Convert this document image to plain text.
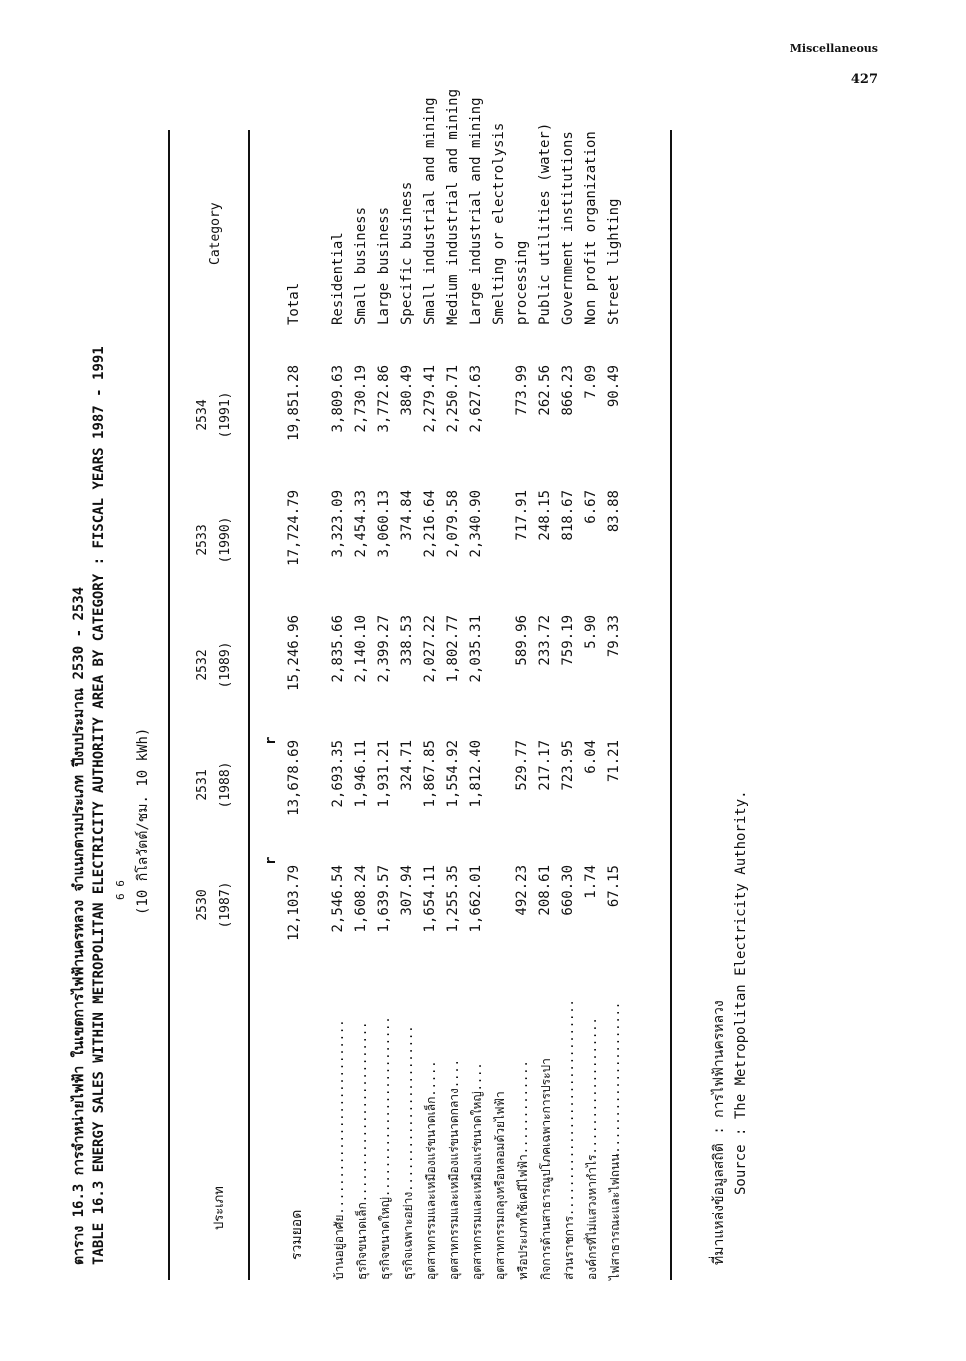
Miscellaneous
427
ตาราง 16.3 การจำหน่ายไฟฟ้า ในเขตการไฟฟ้านครหลวง จำแนกตามประเภท ปีงบประมาณ 2530 - 2534 TABLE 16.3 ENERGY SALES WITHIN METROPOLITAN ELECTRICITY AUTHORITY AREA BY CATEGORY : FISCAL YEARS 1987 - 1991 6 6 (10 กิโลวัตต์/ชม. 10 kWh)
ประเภท
2530 (1987)
2531 (1988)
2532 (1989)
2533 (1990)
2534 (1991)
Category
r
r
รวมยอด
12,103.79
13,678.69
15,246.96
17,724.79
19,851.28
Total
บ้านอยู่อาศัย...........................
2,546.54
2,693.35
2,835.66
3,323.09
3,809.63
Residential
ธุรกิจขนาดเล็ก.........................
1,608.24
1,946.11
2,140.10
2,454.33
2,730.19
Small business
ธุรกิจขนาดใหญ่.........................
1,639.57
1,931.21
2,399.27
3,060.13
3,772.86
Large business
ธุรกิจเฉพาะอย่าง.......................
307.94
324.71
338.53
374.84
380.49
Specific business
อุตสาหกรรมและเหมืองแร่ขนาดเล็ก.....
1,654.11
1,867.85
2,027.22
2,216.64
2,279.41
Small industrial and mining
อุตสาหกรรมและเหมืองแร่ขนาดกลาง....
1,255.35
1,554.92
1,802.77
2,079.58
2,250.71
Medium industrial and mining
อุตสาหกรรมและเหมืองแร่ขนาดใหญ่....
1,662.01
1,812.40
2,035.31
2,340.90
2,627.63
Large industrial and mining
อุตสาหกรรมถลุงหรือหลอมด้วยไฟฟ้า
Smelting or electrolysis
หรือประเภทใช้เคมีไฟฟ้า.............
492.23
529.77
589.96
717.91
773.99
processing
กิจการด้านสาธารณูปโภคเฉพาะการประปา
208.61
217.17
233.72
248.15
262.56
Public utilities (water)
ส่วนราชการ..............................
660.30
723.95
759.19
818.67
866.23
Government institutions
องค์กรที่ไม่แสวงหากำไร...................
1.74
6.04
5.90
6.67
7.09
Non profit organization
ไฟสาธารณะและไฟถนน.....................
67.15
71.21
79.33
83.88
90.49
Street lighting
ที่มาแหล่งข้อมูลสถิติ : การไฟฟ้านครหลวง Source : The Metropolitan Electricity Authority.
